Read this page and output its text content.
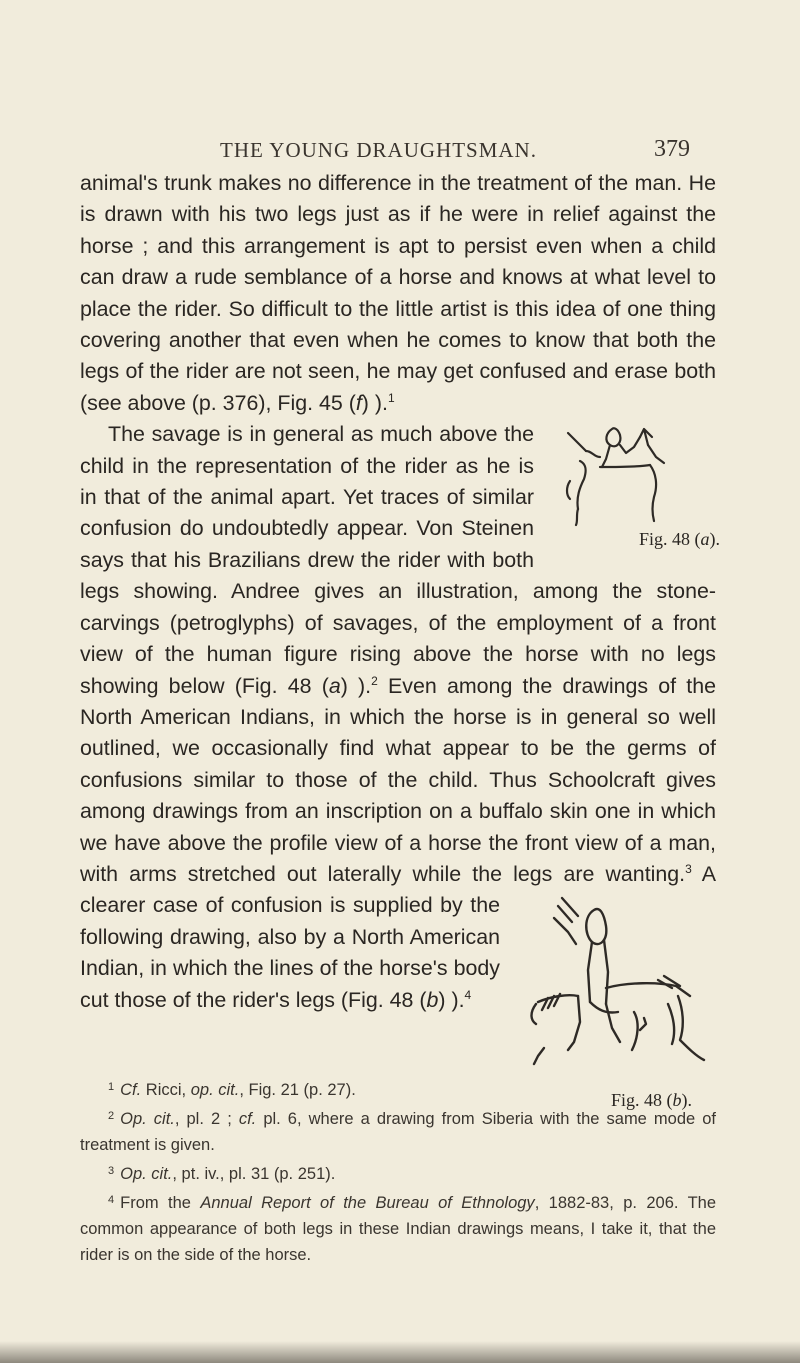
THE YOUNG DRAUGHTSMAN.	379

animal's trunk makes no difference in the treatment of the man. He is drawn with his two legs just as if he were in relief against the horse ; and this arrangement is apt to persist even when a child can draw a rude semblance of a horse and knows at what level to place the rider. So difficult to the little artist is this idea of one thing covering another that even when he comes to know that both the legs of the rider are not seen, he may get confused and erase both (see above (p. 376), Fig. 45 (f) ).$^1$

Fig. 48 (a).
The savage is in general as much above the child in the representation of the rider as he is in that of the animal apart. Yet traces of similar confusion do undoubtedly appear. Von Steinen says that his Brazilians drew the rider with both legs showing. Andree gives an illustration, among the stone-carvings (petroglyphs) of savages, of the employment of a front view of the human figure rising above the horse with no legs showing below (Fig. 48 (a) ).$^2$ Even among the drawings of the North American Indians, in which the horse is in general so well outlined, we occasionally find what appear to be the germs of confusions similar to those of the child. Thus Schoolcraft gives among drawings from an inscription on a buffalo skin one in which we have above the profile view of a horse the front view of a man, with arms stretched out laterally while the legs are wanting.
Fig. 48 (b).
$^3$ A clearer case of confusion is supplied by the following drawing, also by a North American Indian, in which the lines of the horse's body cut those of the rider's legs (Fig. 48 (b) ).$^4$

$^1$ Cf. Ricci, op. cit., Fig. 21 (p. 27).

$^2$ Op. cit., pl. 2 ; cf. pl. 6, where a drawing from Siberia with the same mode of treatment is given.

$^3$ Op. cit., pt. iv., pl. 31 (p. 251).

$^4$ From the Annual Report of the Bureau of Ethnology, 1882-83, p. 206. The common appearance of both legs in these Indian drawings means, I take it, that the rider is on the side of the horse.
